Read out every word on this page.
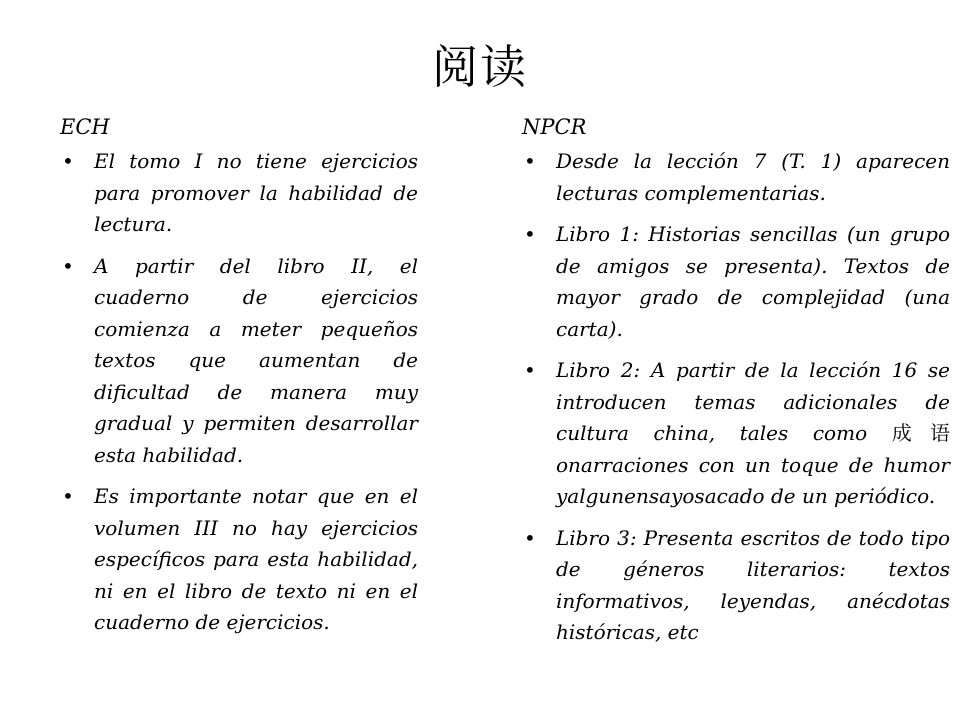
阅读
ECH
• El tomo I no tiene ejercicios para promover la habilidad de lectura.
• A partir del libro II, el cuaderno de ejercicios comienza a meter pequeños textos que aumentan de dificultad de manera muy gradual y permiten desarrollar esta habilidad.
• Es importante notar que en el volumen III no hay ejercicios específicos para esta habilidad, ni en el libro de texto ni en el cuaderno de ejercicios.
NPCR
• Desde la lección 7 (T. 1) aparecen lecturas complementarias.
• Libro 1: Historias sencillas (un grupo de amigos se presenta). Textos de mayor grado de complejidad (una carta).
• Libro 2: A partir de la lección 16 se introducen temas adicionales de cultura china, tales como 成语 onarraciones con un toque de humor yalgunensayosacado de un periódico.
• Libro 3: Presenta escritos de todo tipo de géneros literarios: textos informativos, leyendas, anécdotas históricas, etc
